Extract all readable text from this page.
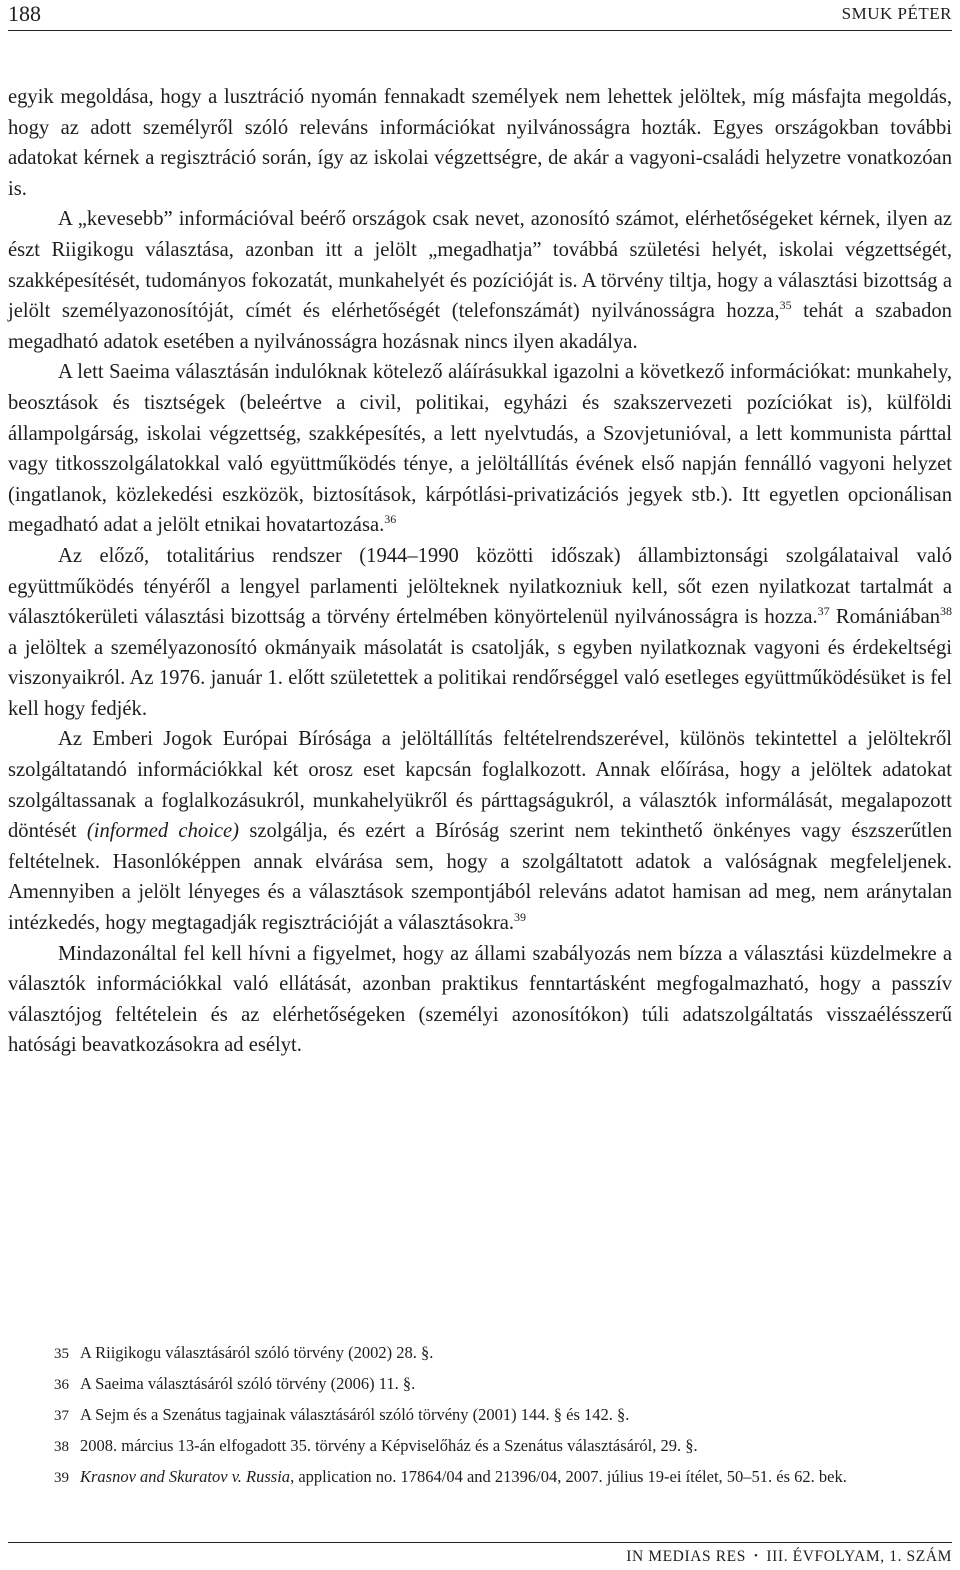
188	SMUK PÉTER

egyik megoldása, hogy a lusztráció nyomán fennakadt személyek nem lehettek jelöltek, míg másfajta megoldás, hogy az adott személyről szóló releváns információkat nyilvánosságra hozták. Egyes országokban további adatokat kérnek a regisztráció során, így az iskolai végzettségre, de akár a vagyoni-családi helyzetre vonatkozóan is.

A „kevesebb” információval beérő országok csak nevet, azonosító számot, elérhetőségeket kérnek, ilyen az észt Riigikogu választása, azonban itt a jelölt „megadhatja” továbbá születési helyét, iskolai végzettségét, szakképesítését, tudományos fokozatát, munkahelyét és pozícióját is. A törvény tiltja, hogy a választási bizottság a jelölt személyazonosítóját, címét és elérhetőségét (telefonszámát) nyilvánosságra hozza,$^{35}$ tehát a szabadon megadható adatok esetében a nyilvánosságra hozásnak nincs ilyen akadálya.

A lett Saeima választásán indulóknak kötelező aláírásukkal igazolni a következő információkat: munkahely, beosztások és tisztségek (beleértve a civil, politikai, egyházi és szakszervezeti pozíciókat is), külföldi állampolgárság, iskolai végzettség, szakképesítés, a lett nyelvtudás, a Szovjetunióval, a lett kommunista párttal vagy titkosszolgálatokkal való együttműködés ténye, a jelöltállítás évének első napján fennálló vagyoni helyzet (ingatlanok, közlekedési eszközök, biztosítások, kárpótlási-privatizációs jegyek stb.). Itt egyetlen opcionálisan megadható adat a jelölt etnikai hovatartozása.$^{36}$

Az előző, totalitárius rendszer (1944–1990 közötti időszak) állambiztonsági szolgálataival való együttműködés tényéről a lengyel parlamenti jelölteknek nyilatkozniuk kell, sőt ezen nyilatkozat tartalmát a választókerületi választási bizottság a törvény értelmében könyörtelenül nyilvánosságra is hozza.$^{37}$ Romániában$^{38}$ a jelöltek a személyazonosító okmányaik másolatát is csatolják, s egyben nyilatkoznak vagyoni és érdekeltségi viszonyaikról. Az 1976. január 1. előtt születettek a politikai rendőrséggel való esetleges együttműködésüket is fel kell hogy fedjék.

Az Emberi Jogok Európai Bírósága a jelöltállítás feltételrendszerével, különös tekintettel a jelöltekről szolgáltatandó információkkal két orosz eset kapcsán foglalkozott. Annak előírása, hogy a jelöltek adatokat szolgáltassanak a foglalkozásukról, munkahelyükről és párttagságukról, a választók informálását, megalapozott döntését (informed choice) szolgálja, és ezért a Bíróság szerint nem tekinthető önkényes vagy észszerűtlen feltételnek. Hasonlóképpen annak elvárása sem, hogy a szolgáltatott adatok a valóságnak megfeleljenek. Amennyiben a jelölt lényeges és a választások szempontjából releváns adatot hamisan ad meg, nem aránytalan intézkedés, hogy megtagadják regisztrációját a választásokra.$^{39}$

Mindazonáltal fel kell hívni a figyelmet, hogy az állami szabályozás nem bízza a választási küzdelmekre a választók információkkal való ellátását, azonban praktikus fenntartásként megfogalmazható, hogy a passzív választójog feltételein és az elérhetőségeken (személyi azonosítókon) túli adatszolgáltatás visszaélésszerű hatósági beavatkozásokra ad esélyt.

35 A Riigikogu választásáról szóló törvény (2002) 28. §.

36 A Saeima választásáról szóló törvény (2006) 11. §.

37 A Sejm és a Szenátus tagjainak választásáról szóló törvény (2001) 144. § és 142. §.

38 2008. március 13-án elfogadott 35. törvény a Képviselőház és a Szenátus választásáról, 29. §.

39 Krasnov and Skuratov v. Russia, application no. 17864/04 and 21396/04, 2007. július 19-ei ítélet, 50–51. és 62. bek.

IN MEDIAS RES • III. ÉVFOLYAM, 1. SZÁM
